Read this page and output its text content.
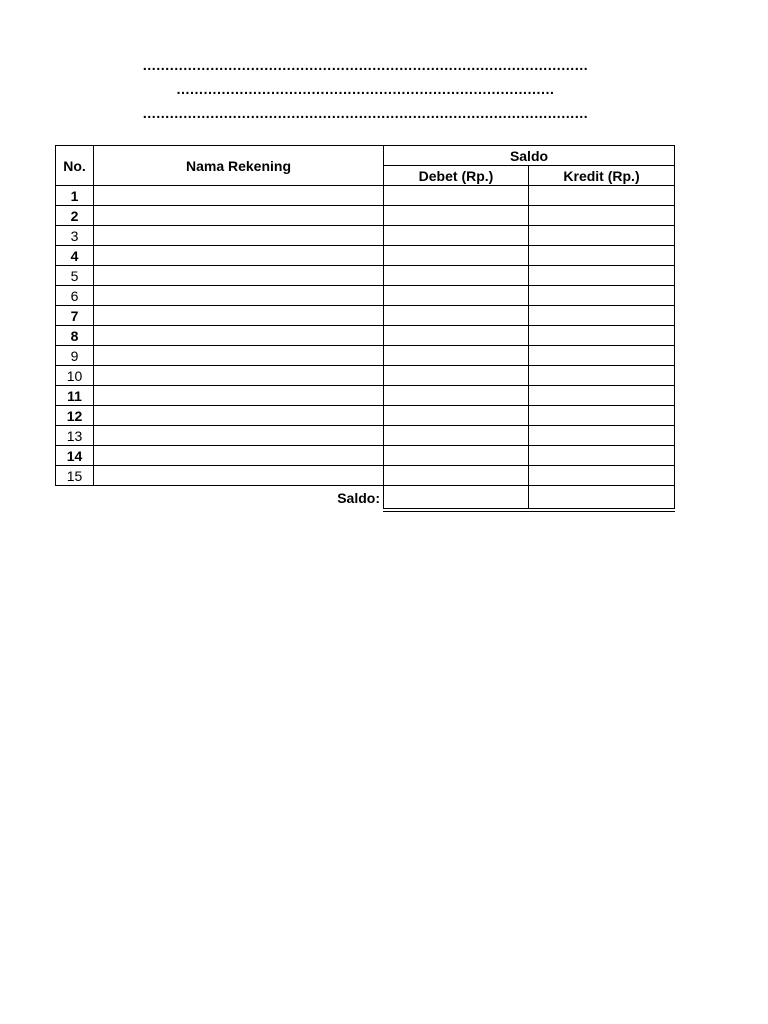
………………………………………………………………………………………
…………………………………………………………………………
………………………………………………………………………………………
No.	Nama Rekening	Saldo	
		Debet (Rp.)	Kredit (Rp.)
1			
2			
3			
4			
5			
6			
7			
8			
9			
10			
11			
12			
13			
14			
15			
Saldo:			
